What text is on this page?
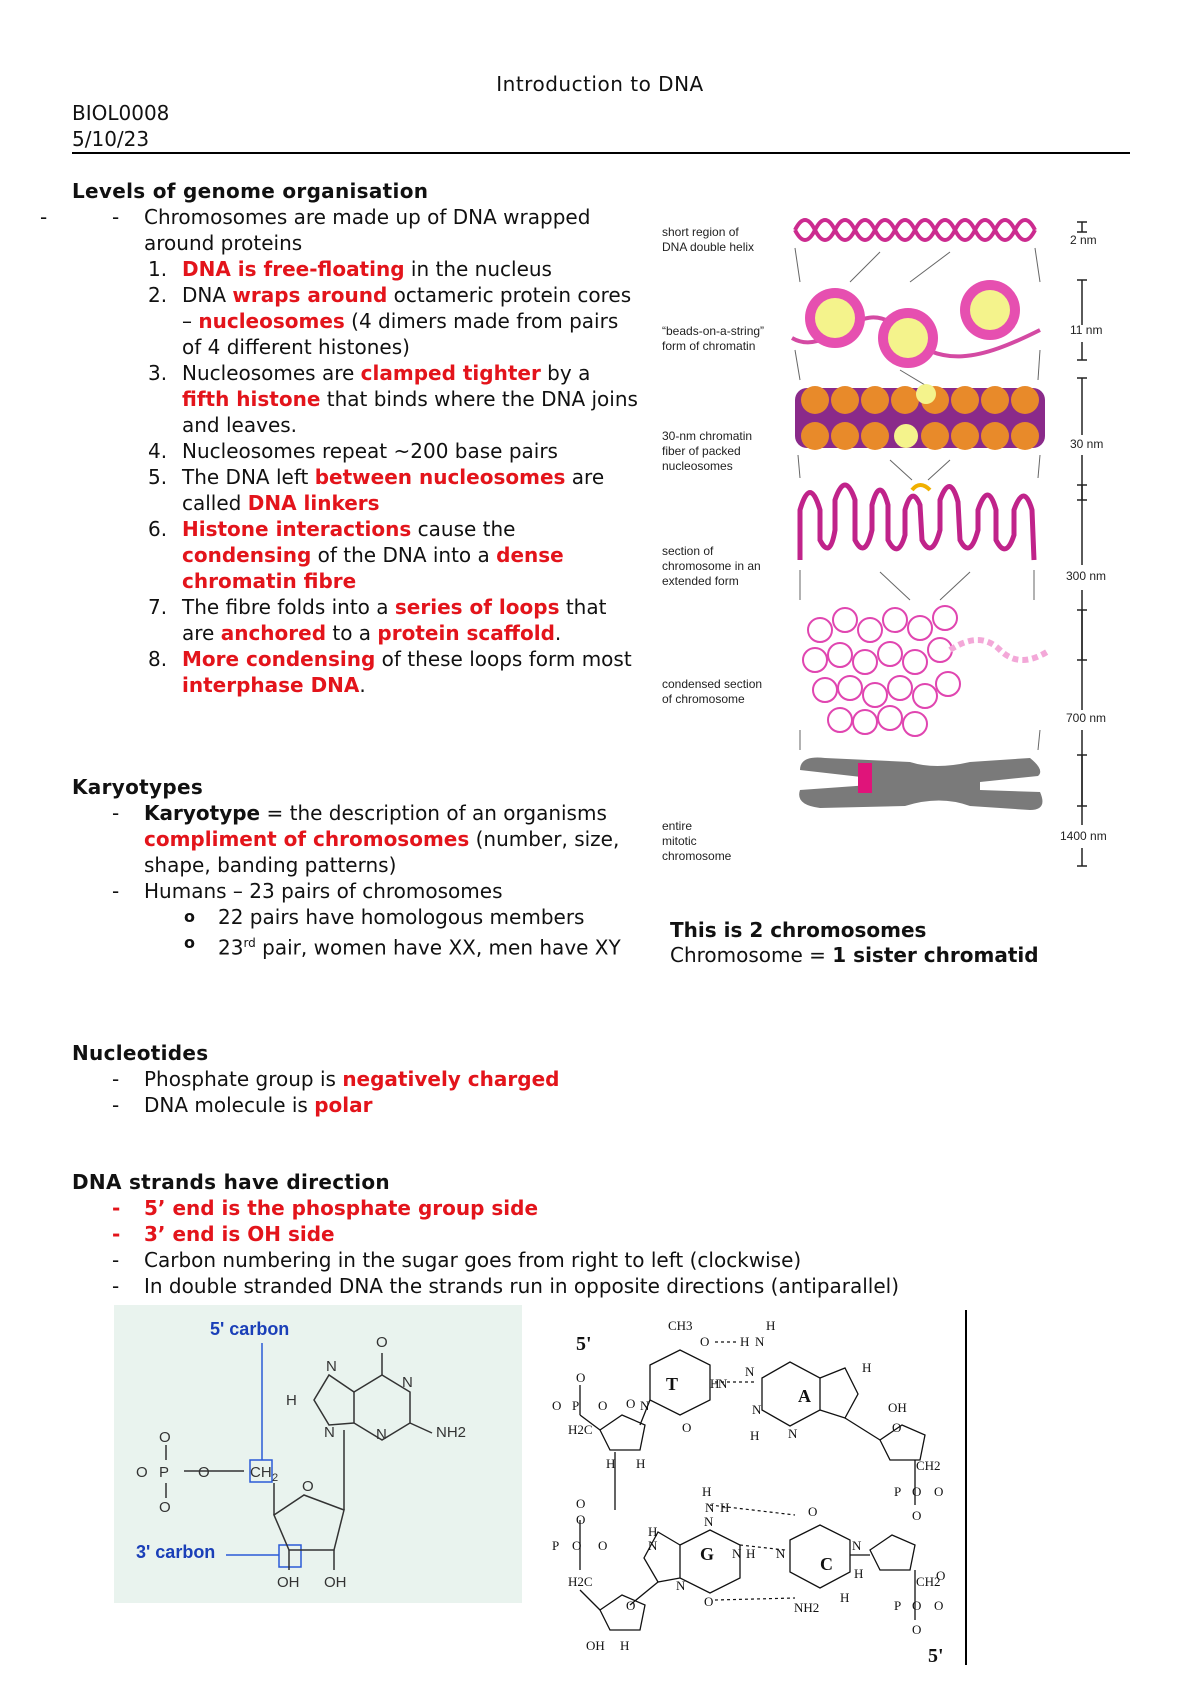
Introduction to DNA
BIOL0008
5/10/23
Levels of genome organisation
- - Chromosomes are made up of DNA wrapped around proteins
1. DNA is free-floating in the nucleus
2. DNA wraps around octameric protein cores – nucleosomes (4 dimers made from pairs of 4 different histones)
3. Nucleosomes are clamped tighter by a fifth histone that binds where the DNA joins and leaves.
4. Nucleosomes repeat ~200 base pairs
5. The DNA left between nucleosomes are called DNA linkers
6. Histone interactions cause the condensing of the DNA into a dense chromatin fibre
7. The fibre folds into a series of loops that are anchored to a protein scaffold.
8. More condensing of these loops form most interphase DNA.
Karyotypes
- Karyotype = the description of an organisms compliment of chromosomes (number, size, shape, banding patterns)
- Humans – 23 pairs of chromosomes
o 22 pairs have homologous members
o 23rd pair, women have XX, men have XY
Nucleotides
- Phosphate group is negatively charged
- DNA molecule is polar
DNA strands have direction
- 5’ end is the phosphate group side
- 3’ end is OH side
- Carbon numbering in the sugar goes from right to left (clockwise)
- In double stranded DNA the strands run in opposite directions (antiparallel)
short region of
DNA double helix
“beads-on-a-string”
form of chromatin
30-nm chromatin
fiber of packed
nucleosomes
section of
chromosome in an
extended form
condensed section
of chromosome
entire
mitotic
chromosome
2 nm
11 nm
30 nm
300 nm
700 nm
1400 nm
This is 2 chromosomes
Chromosome = 1 sister chromatid
5' carbon
3' carbon
O
N
N
H
N	N	NH2
O
P
O
O
O	CH 2 O
OH OH
5'
5'
T
A
G	C
CH3
O H N
H
N
H
N
O
N
N
N
H
H
OH
O
P
O	O
H2C
O
H H
O
O
CH2
O
P	O
O
H
N H	O
H
N
N H N
N
N
N
O	NH2
H
H
O
O
P	O
H2C
O
OH H
CH2
O
P	O
O
O
